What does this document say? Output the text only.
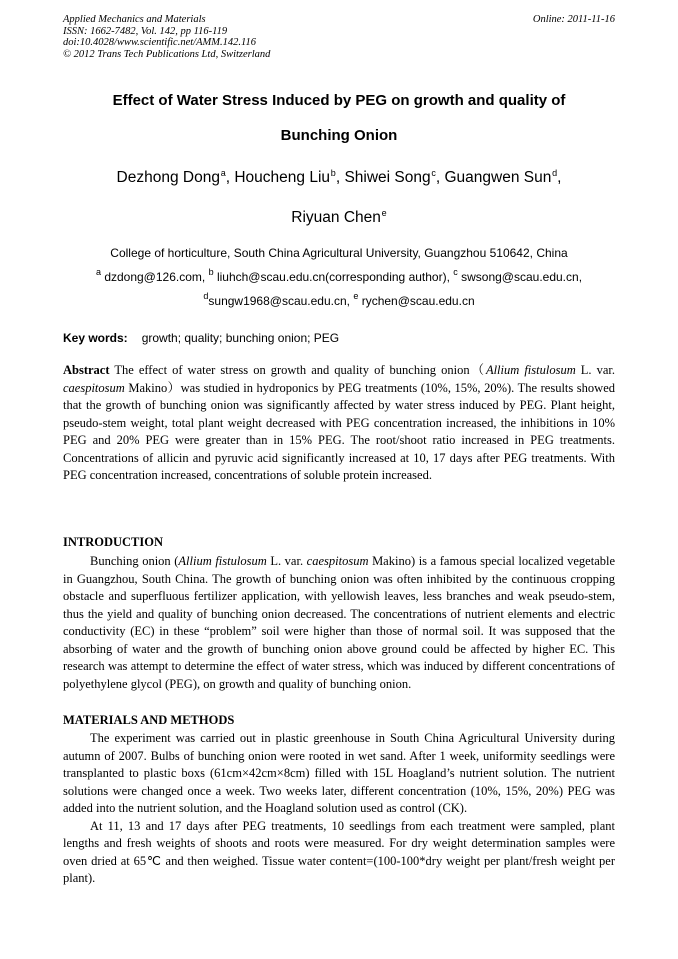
Applied Mechanics and Materials
ISSN: 1662-7482, Vol. 142, pp 116-119
doi:10.4028/www.scientific.net/AMM.142.116
© 2012 Trans Tech Publications Ltd, Switzerland
Online: 2011-11-16
Effect of Water Stress Induced by PEG on growth and quality of
Bunching Onion
Dezhong Dong $^a$, Houcheng Liu $^b$, Shiwei Song $^c$, Guangwen Sun $^d$,
Riyuan Chen $^e$
College of horticulture, South China Agricultural University, Guangzhou 510642, China
$^a$ dzdong@126.com, $^b$ liuhch@scau.edu.cn(corresponding author), $^c$ swsong@scau.edu.cn,
$^d$sungw1968@scau.edu.cn, $^e$ rychen@scau.edu.cn
Key words: growth; quality; bunching onion; PEG

Abstract The effect of water stress on growth and quality of bunching onion（Allium fistulosum L. var. caespitosum Makino）was studied in hydroponics by PEG treatments (10%, 15%, 20%). The results showed that the growth of bunching onion was significantly affected by water stress induced by PEG. Plant height, pseudo-stem weight, total plant weight decreased with PEG concentration increased, the inhibitions in 10% PEG and 20% PEG were greater than in 15% PEG. The root/shoot ratio increased in PEG treatments. Concentrations of allicin and pyruvic acid significantly increased at 10, 17 days after PEG treatments. With PEG concentration increased, concentrations of soluble protein increased.

INTRODUCTION

Bunching onion (Allium fistulosum L. var. caespitosum Makino) is a famous special localized vegetable in Guangzhou, South China. The growth of bunching onion was often inhibited by the continuous cropping obstacle and superfluous fertilizer application, with yellowish leaves, less branches and weak pseudo-stem, thus the yield and quality of bunching onion decreased. The concentrations of nutrient elements and electric conductivity (EC) in these “problem” soil were higher than those of normal soil. It was supposed that the absorbing of water and the growth of bunching onion above ground could be affected by higher EC. This research was attempt to determine the effect of water stress, which was induced by different concentrations of polyethylene glycol (PEG), on growth and quality of bunching onion.

MATERIALS AND METHODS

The experiment was carried out in plastic greenhouse in South China Agricultural University during autumn of 2007. Bulbs of bunching onion were rooted in wet sand. After 1 week, uniformity seedlings were transplanted to plastic boxs (61cm×42cm×8cm) filled with 15L Hoagland’s nutrient solution. The nutrient solutions were changed once a week. Two weeks later, different concentration (10%, 15%, 20%) PEG was added into the nutrient solution, and the Hoagland solution used as control (CK).

At 11, 13 and 17 days after PEG treatments, 10 seedlings from each treatment were sampled, plant lengths and fresh weights of shoots and roots were measured. For dry weight determination samples were oven dried at 65℃ and then weighed. Tissue water content=(100-100*dry weight per plant/fresh weight per plant).
